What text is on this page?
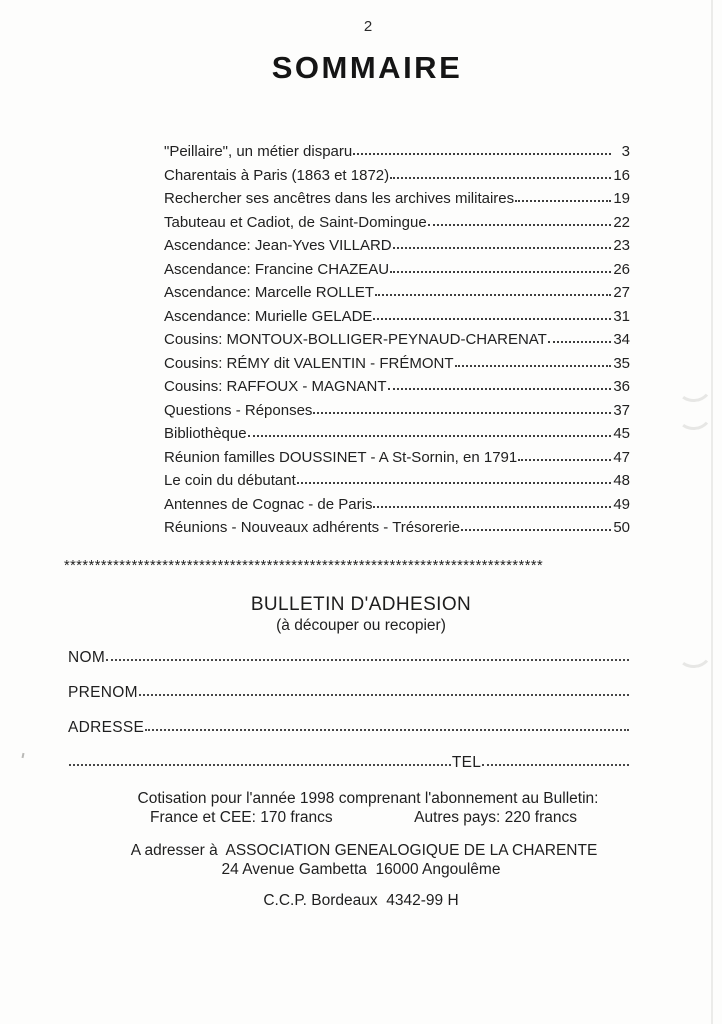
2
SOMMAIRE
"Peillaire", un métier disparu	3
Charentais à Paris (1863 et 1872)	16
Rechercher ses ancêtres dans les archives militaires	19
Tabuteau et Cadiot, de Saint-Domingue	22
Ascendance: Jean-Yves VILLARD	23
Ascendance: Francine CHAZEAU	26
Ascendance: Marcelle ROLLET	27
Ascendance: Murielle GELADE	31
Cousins: MONTOUX-BOLLIGER-PEYNAUD-CHARENAT	34
Cousins: RÉMY dit VALENTIN - FRÉMONT	35
Cousins: RAFFOUX - MAGNANT	36
Questions - Réponses	37
Bibliothèque	45
Réunion familles DOUSSINET - A St-Sornin, en 1791	47
Le coin du débutant	48
Antennes de Cognac - de Paris	49
Réunions - Nouveaux adhérents - Trésorerie	50
******************************************************************************
BULLETIN D'ADHESION
(à découper ou recopier)
NOM
PRENOM
ADRESSE
TEL
Cotisation pour l'année 1998 comprenant l'abonnement au Bulletin:
France et CEE: 170 francs	Autres pays: 220 francs
A adresser à  ASSOCIATION GENEALOGIQUE DE LA CHARENTE
24 Avenue Gambetta  16000 Angoulême
C.C.P. Bordeaux  4342-99 H
